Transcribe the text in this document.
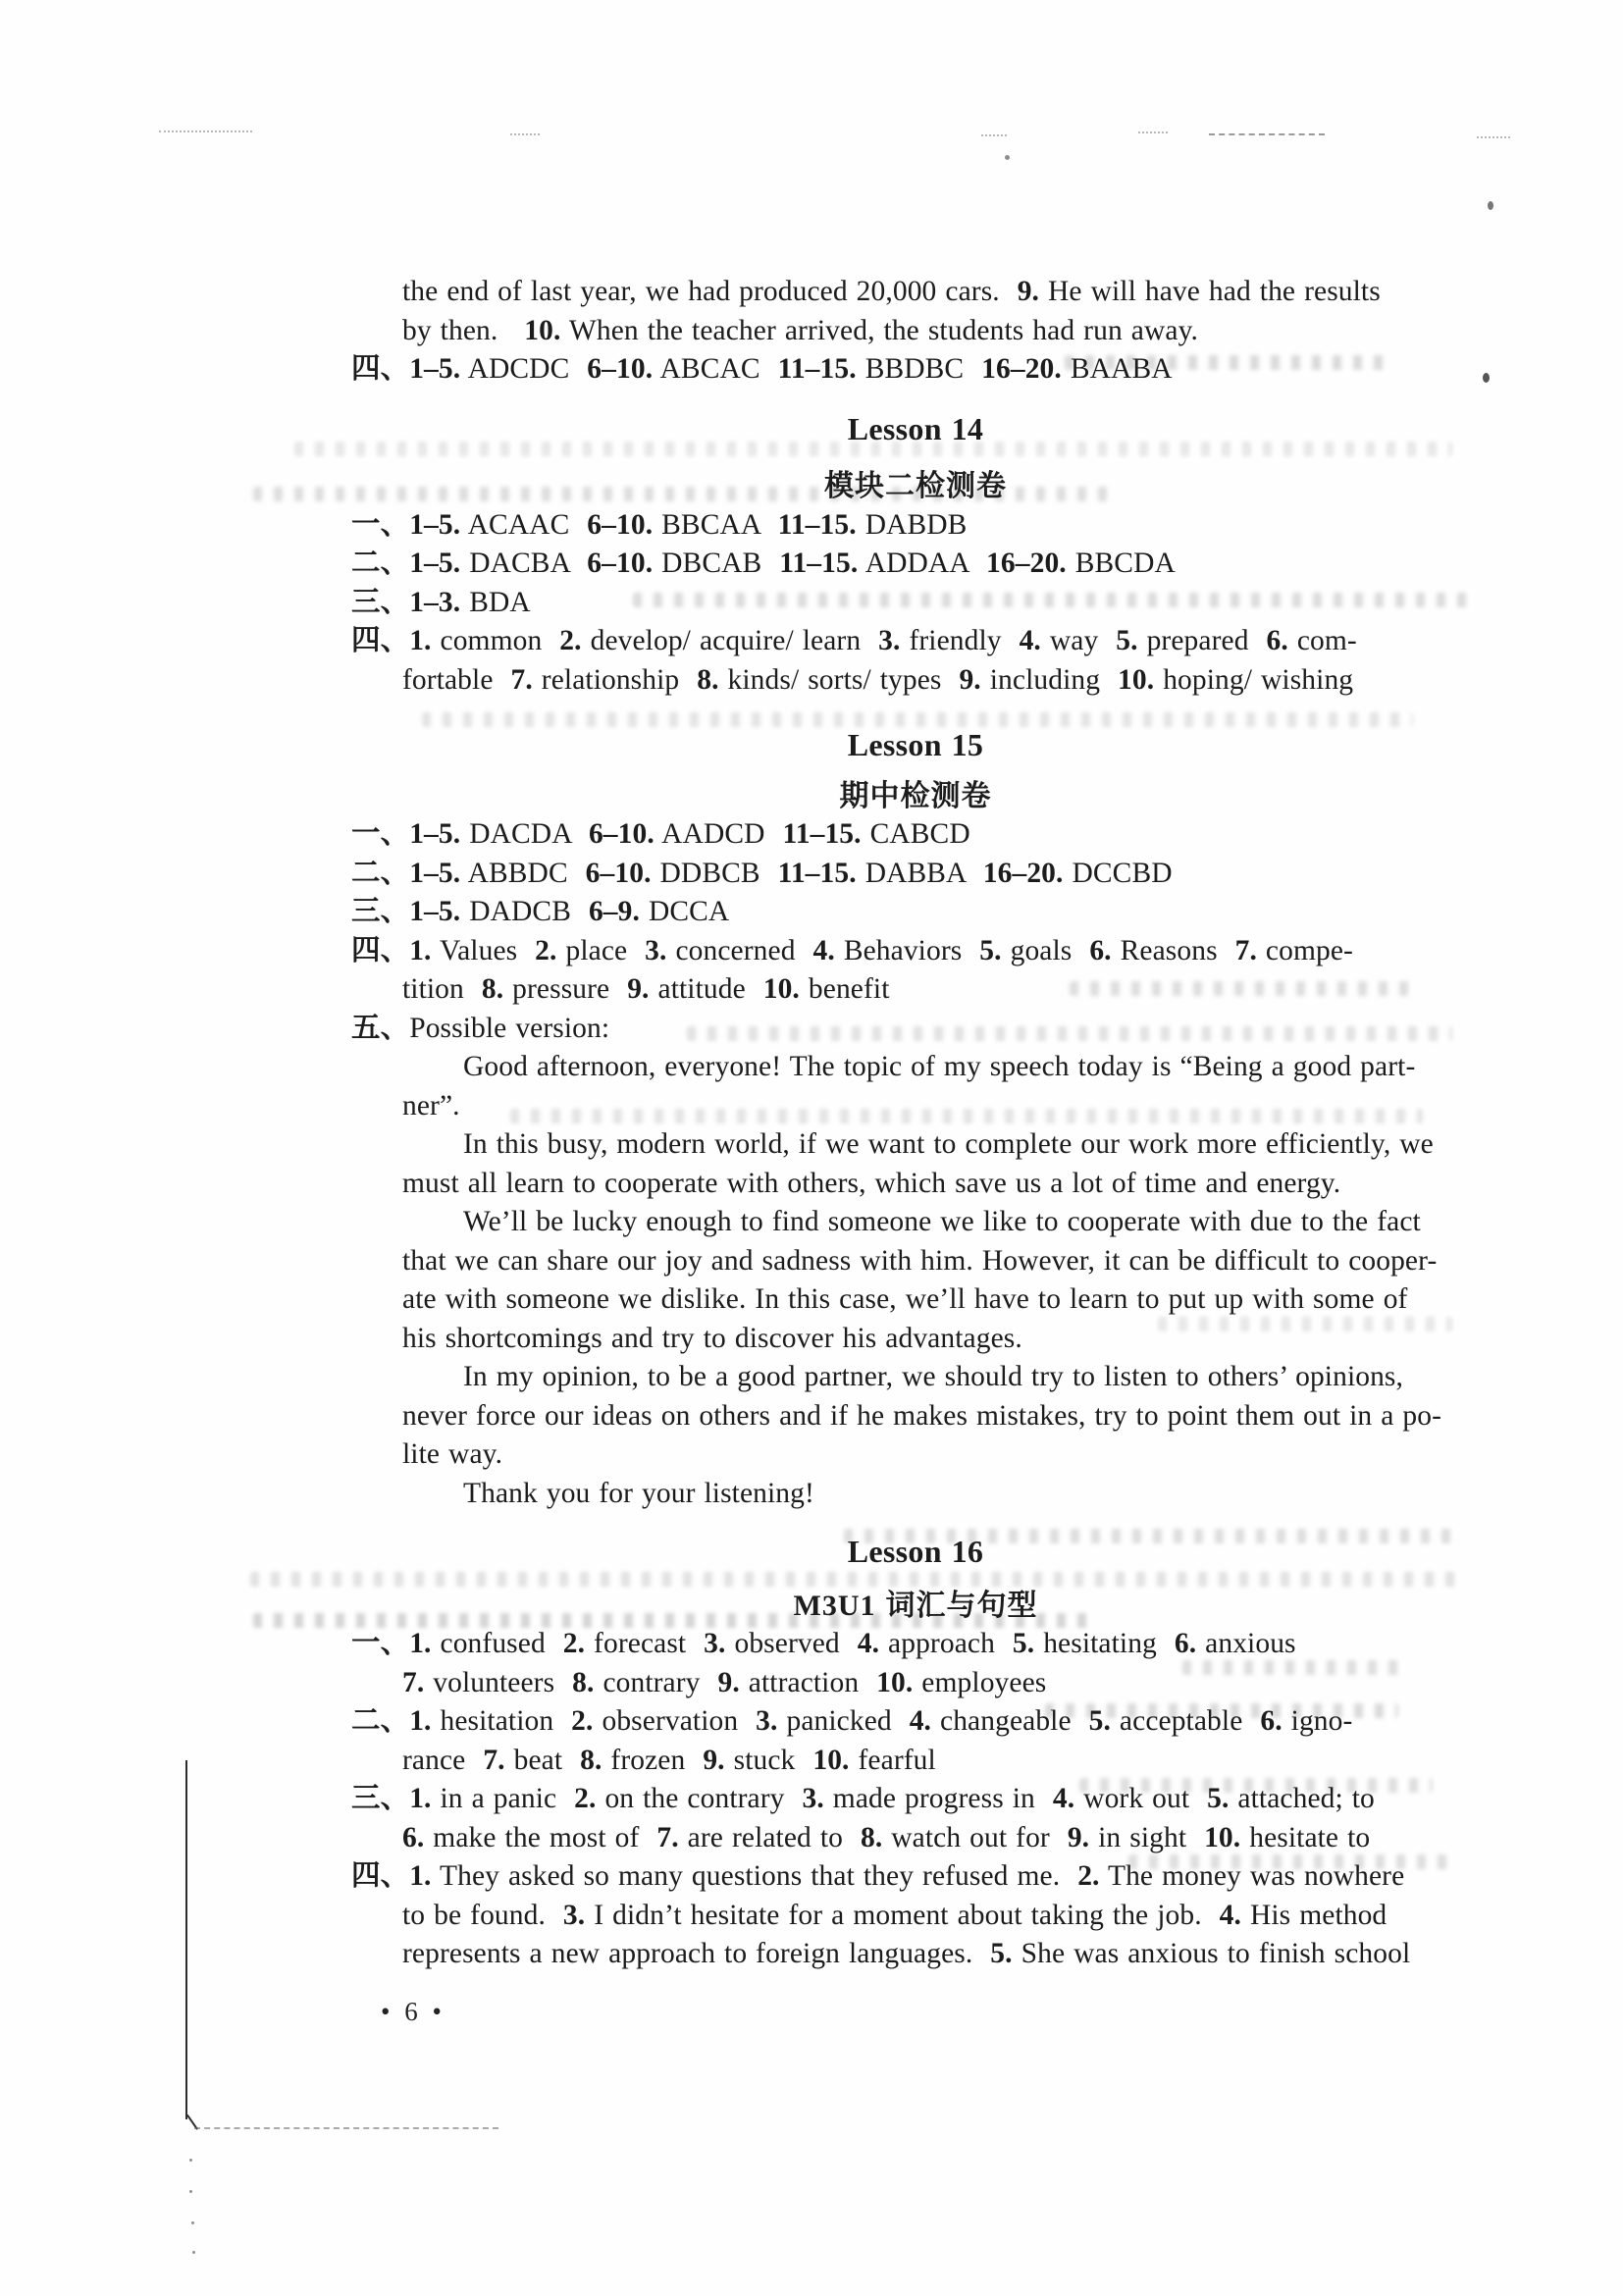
the end of last year, we had produced 20,000 cars.  9. He will have had the results
by then.   10. When the teacher arrived, the students had run away.
四、 1–5. ADCDC  6–10. ABCAC  11–15. BBDBC  16–20. BAABA
Lesson 14
模块二检测卷
一、 1–5. ACAAC  6–10. BBCAA  11–15. DABDB
二、 1–5. DACBA  6–10. DBCAB  11–15. ADDAA  16–20. BBCDA
三、 1–3. BDA
四、 1. common  2. develop/ acquire/ learn  3. friendly  4. way  5. prepared  6. com-
fortable  7. relationship  8. kinds/ sorts/ types  9. including  10. hoping/ wishing
Lesson 15
期中检测卷
一、 1–5. DACDA  6–10. AADCD  11–15. CABCD
二、 1–5. ABBDC  6–10. DDBCB  11–15. DABBA  16–20. DCCBD
三、 1–5. DADCB  6–9. DCCA
四、 1. Values  2. place  3. concerned  4. Behaviors  5. goals  6. Reasons  7. compe-
tition  8. pressure  9. attitude  10. benefit
五、 Possible version:
Good afternoon, everyone! The topic of my speech today is “Being a good part-
ner”.
In this busy, modern world, if we want to complete our work more efficiently, we
must all learn to cooperate with others, which save us a lot of time and energy.
We’ll be lucky enough to find someone we like to cooperate with due to the fact
that we can share our joy and sadness with him. However, it can be difficult to cooper-
ate with someone we dislike. In this case, we’ll have to learn to put up with some of
his shortcomings and try to discover his advantages.
In my opinion, to be a good partner, we should try to listen to others’ opinions,
never force our ideas on others and if he makes mistakes, try to point them out in a po-
lite way.
Thank you for your listening!
Lesson 16
M3U1 词汇与句型
一、 1. confused  2. forecast  3. observed  4. approach  5. hesitating  6. anxious
7. volunteers  8. contrary  9. attraction  10. employees
二、 1. hesitation  2. observation  3. panicked  4. changeable  5. acceptable  6. igno-
rance  7. beat  8. frozen  9. stuck  10. fearful
三、 1. in a panic  2. on the contrary  3. made progress in  4. work out  5. attached; to
6. make the most of  7. are related to  8. watch out for  9. in sight  10. hesitate to
四、 1. They asked so many questions that they refused me.  2. The money was nowhere
to be found.  3. I didn’t hesitate for a moment about taking the job.  4. His method
represents a new approach to foreign languages.  5. She was anxious to finish school
• 6 •
